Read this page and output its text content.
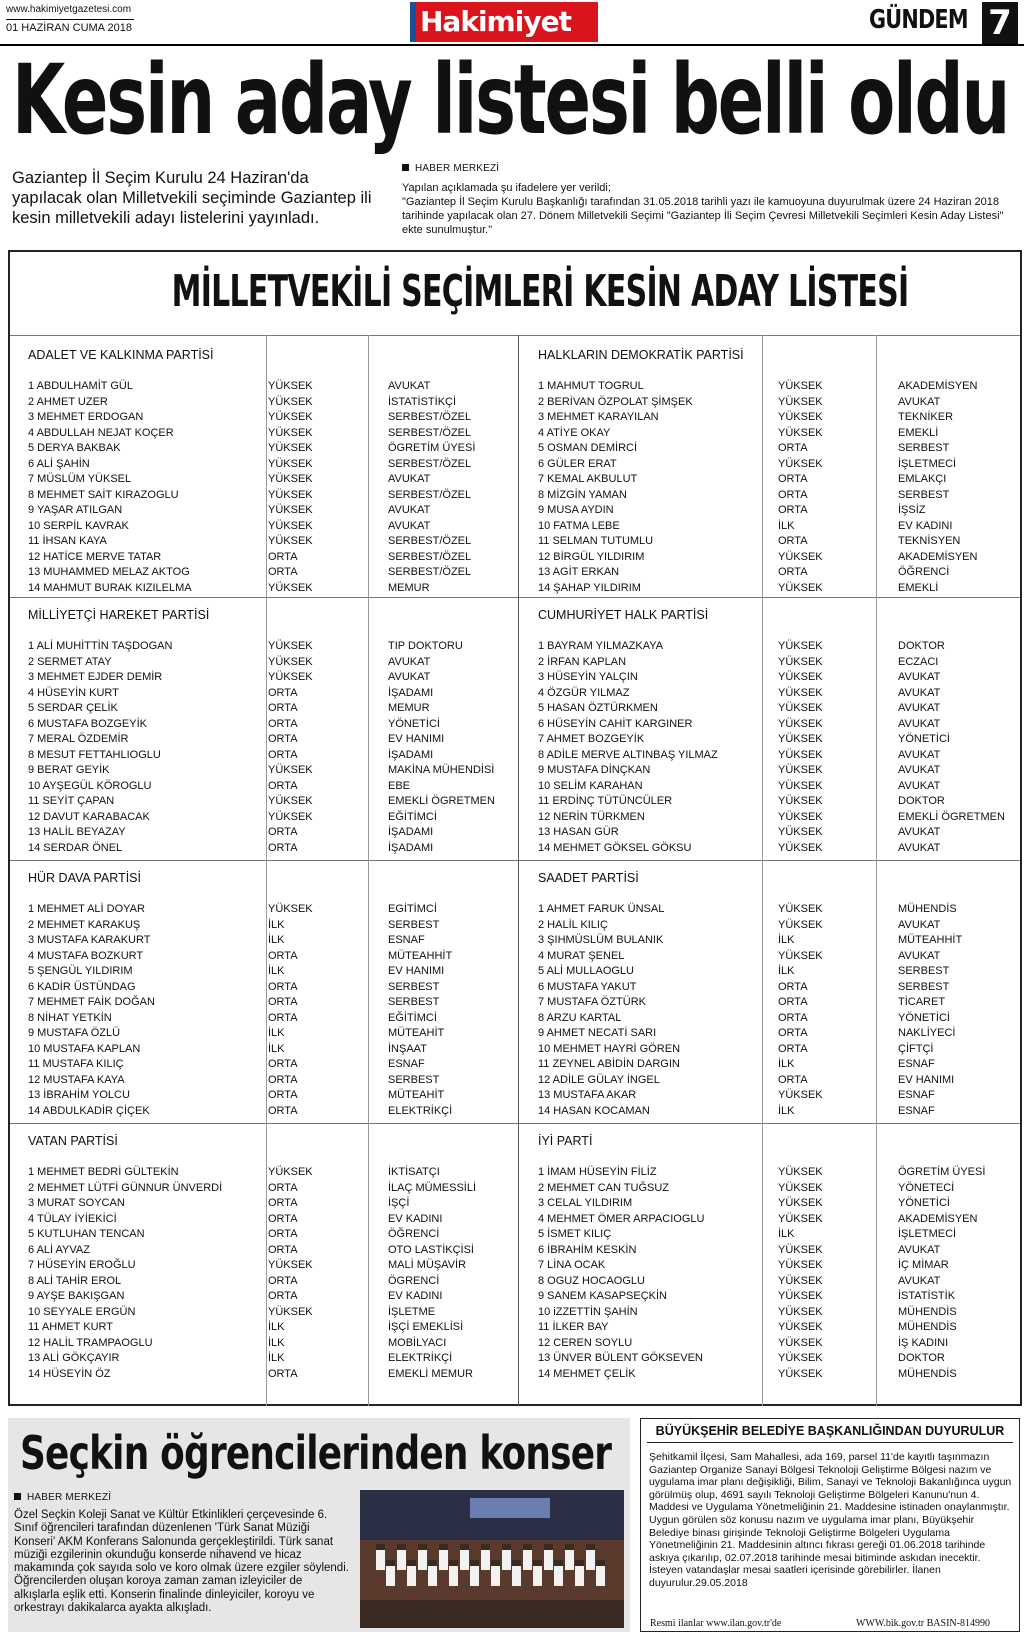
www.hakimiyetgazetesi.com
01 HAZİRAN CUMA 2018	Hakimiyet	GÜNDEM 7
Kesin aday listesi belli oldu
Gaziantep İl Seçim Kurulu 24 Haziran'da yapılacak olan Milletvekili seçiminde Gaziantep ili kesin milletvekili adayı listelerini yayınladı.
HABER MERKEZİ
Yapılan açıklamada şu ifadelere yer verildi;
"Gaziantep İl Seçim Kurulu Başkanlığı tarafından 31.05.2018 tarihli yazı ile kamuoyuna duyurulmak üzere 24 Haziran 2018 tarihinde yapılacak olan 27. Dönem Milletvekili Seçimi "Gaziantep İli Seçim Çevresi Milletvekili Seçimleri Kesin Aday Listesi" ekte sunulmuştur."
MİLLETVEKİLİ SEÇİMLERİ KESİN ADAY LİSTESİ
ADALET VE KALKINMA PARTİSİ
1 ABDULHAMİT GÜL	YÜKSEK	AVUKAT
2 AHMET UZER	YÜKSEK	İSTATİSTİKÇİ
3 MEHMET ERDOGAN	YÜKSEK	SERBEST/ÖZEL
4 ABDULLAH NEJAT KOÇER	YÜKSEK	SERBEST/ÖZEL
5 DERYA BAKBAK	YÜKSEK	ÖGRETİM ÜYESİ
6 ALİ ŞAHİN	YÜKSEK	SERBEST/ÖZEL
7 MÜSLÜM YÜKSEL	YÜKSEK	AVUKAT
8 MEHMET SAİT KIRAZOGLU	YÜKSEK	SERBEST/ÖZEL
9 YAŞAR ATILGAN	YÜKSEK	AVUKAT
10 SERPİL KAVRAK	YÜKSEK	AVUKAT
11 İHSAN KAYA	YÜKSEK	SERBEST/ÖZEL
12 HATİCE MERVE TATAR	ORTA	SERBEST/ÖZEL
13 MUHAMMED MELAZ AKTOG	ORTA	SERBEST/ÖZEL
14 MAHMUT BURAK KIZILELMA	YÜKSEK	MEMUR
HALKLARIN DEMOKRATİK PARTİSİ
1 MAHMUT TOGRUL	YÜKSEK	AKADEMİSYEN
2 BERİVAN ÖZPOLAT ŞİMŞEK	YÜKSEK	AVUKAT
3 MEHMET KARAYILAN	YÜKSEK	TEKNİKER
4 ATİYE OKAY	YÜKSEK	EMEKLİ
5 OSMAN DEMİRCİ	ORTA	SERBEST
6 GÜLER ERAT	YÜKSEK	İŞLETMECİ
7 KEMAL AKBULUT	ORTA	EMLAKÇI
8 MİZGİN YAMAN	ORTA	SERBEST
9 MUSA AYDIN	ORTA	İŞSİZ
10 FATMA LEBE	İLK	EV KADINI
11 SELMAN TUTUMLU	ORTA	TEKNİSYEN
12 BİRGÜL YILDIRIM	YÜKSEK	AKADEMİSYEN
13 AGİT ERKAN	ORTA	ÖĞRENCİ
14 ŞAHAP YILDIRIM	YÜKSEK	EMEKLİ
MİLLİYETÇİ HAREKET PARTİSİ
1 ALİ MUHİTTİN TAŞDOGAN	YÜKSEK	TIP DOKTORU
2 SERMET ATAY	YÜKSEK	AVUKAT
3 MEHMET EJDER DEMİR	YÜKSEK	AVUKAT
4 HÜSEYİN KURT	ORTA	İŞADAMI
5 SERDAR ÇELİK	ORTA	MEMUR
6 MUSTAFA BOZGEYİK	ORTA	YÖNETİCİ
7 MERAL ÖZDEMİR	ORTA	EV HANIMI
8 MESUT FETTAHLIOGLU	ORTA	İŞADAMI
9 BERAT GEYİK	YÜKSEK	MAKİNA MÜHENDİSİ
10 AYŞEGÜL KÖROGLU	ORTA	EBE
11 SEYİT ÇAPAN	YÜKSEK	EMEKLİ ÖGRETMEN
12 DAVUT KARABACAK	YÜKSEK	EĞİTİMCİ
13 HALİL BEYAZAY	ORTA	İŞADAMI
14 SERDAR ÖNEL	ORTA	İŞADAMI
CUMHURİYET HALK PARTİSİ
1 BAYRAM YILMAZKAYA	YÜKSEK	DOKTOR
2 İRFAN KAPLAN	YÜKSEK	ECZACI
3 HÜSEYİN YALÇIN	YÜKSEK	AVUKAT
4 ÖZGÜR YILMAZ	YÜKSEK	AVUKAT
5 HASAN ÖZTÜRKMEN	YÜKSEK	AVUKAT
6 HÜSEYİN CAHİT KARGINER	YÜKSEK	AVUKAT
7 AHMET BOZGEYİK	YÜKSEK	YÖNETİCİ
8 ADİLE MERVE ALTINBAŞ YILMAZ	YÜKSEK	AVUKAT
9 MUSTAFA DİNÇKAN	YÜKSEK	AVUKAT
10 SELİM KARAHAN	YÜKSEK	AVUKAT
11 ERDİNÇ TÜTÜNCÜLER	YÜKSEK	DOKTOR
12 NERİN TÜRKMEN	YÜKSEK	EMEKLİ ÖGRETMEN
13 HASAN GÜR	YÜKSEK	AVUKAT
14 MEHMET GÖKSEL GÖKSU	YÜKSEK	AVUKAT
HÜR DAVA PARTİSİ
1 MEHMET ALİ DOYAR	YÜKSEK	EGİTİMCİ
2 MEHMET KARAKUŞ	İLK	SERBEST
3 MUSTAFA KARAKURT	İLK	ESNAF
4 MUSTAFA BOZKURT	ORTA	MÜTEAHHİT
5 ŞENGÜL YILDIRIM	İLK	EV HANIMI
6 KADİR ÜSTÜNDAG	ORTA	SERBEST
7 MEHMET FAİK DOĞAN	ORTA	SERBEST
8 NİHAT YETKİN	ORTA	EĞİTİMCİ
9 MUSTAFA ÖZLÜ	İLK	MÜTEAHİT
10 MUSTAFA KAPLAN	İLK	İNŞAAT
11 MUSTAFA KILIÇ	ORTA	ESNAF
12 MUSTAFA KAYA	ORTA	SERBEST
13 İBRAHİM YOLCU	ORTA	MÜTEAHİT
14 ABDULKADİR ÇİÇEK	ORTA	ELEKTRİKÇİ
SAADET PARTİSİ
1 AHMET FARUK ÜNSAL	YÜKSEK	MÜHENDİS
2 HALİL KILIÇ	YÜKSEK	AVUKAT
3 ŞIHMÜSLÜM BULANIK	İLK	MÜTEAHHİT
4 MURAT ŞENEL	YÜKSEK	AVUKAT
5 ALİ MULLAOGLU	İLK	SERBEST
6 MUSTAFA YAKUT	ORTA	SERBEST
7 MUSTAFA ÖZTÜRK	ORTA	TİCARET
8 ARZU KARTAL	ORTA	YÖNETİCİ
9 AHMET NECATİ SARI	ORTA	NAKLİYECİ
10 MEHMET HAYRİ GÖREN	ORTA	ÇİFTÇİ
11 ZEYNEL ABİDİN DARGIN	İLK	ESNAF
12 ADİLE GÜLAY İNGEL	ORTA	EV HANIMI
13 MUSTAFA AKAR	YÜKSEK	ESNAF
14 HASAN KOCAMAN	İLK	ESNAF
VATAN PARTİSİ
1 MEHMET BEDRİ GÜLTEKİN	YÜKSEK	İKTİSATÇI
2 MEHMET LÜTFİ GÜNNUR ÜNVERDİ	ORTA	İLAÇ MÜMESSİLİ
3 MURAT SOYCAN	ORTA	İŞÇİ
4 TÜLAY İYİEKİCİ	ORTA	EV KADINI
5 KUTLUHAN TENCAN	ORTA	ÖĞRENCİ
6 ALİ AYVAZ	ORTA	OTO LASTİKÇİSİ
7 HÜSEYİN EROĞLU	YÜKSEK	MALİ MÜŞAVİR
8 ALİ TAHİR EROL	ORTA	ÖGRENCİ
9 AYŞE BAKIŞGAN	ORTA	EV KADINI
10 SEYYALE ERGÜN	YÜKSEK	İŞLETME
11 AHMET KURT	İLK	İŞÇİ EMEKLİSİ
12 HALİL TRAMPAOGLU	İLK	MOBİLYACI
13 ALİ GÖKÇAYIR	İLK	ELEKTRİKÇİ
14 HÜSEYİN ÖZ	ORTA	EMEKLİ MEMUR
İYİ PARTİ
1 İMAM HÜSEYİN FİLİZ	YÜKSEK	ÖGRETİM ÜYESİ
2 MEHMET CAN TUĞSUZ	YÜKSEK	YÖNETECİ
3 CELAL YILDIRIM	YÜKSEK	YÖNETİCİ
4 MEHMET ÖMER ARPACIOGLU	YÜKSEK	AKADEMİSYEN
5 İSMET KILIÇ	İLK	İŞLETMECİ
6 İBRAHİM KESKİN	YÜKSEK	AVUKAT
7 LİNA OCAK	YÜKSEK	İÇ MİMAR
8 OGUZ HOCAOGLU	YÜKSEK	AVUKAT
9 SANEM KASAPSEÇKİN	YÜKSEK	İSTATİSTİK
10 iZZETTİN ŞAHİN	YÜKSEK	MÜHENDİS
11 İLKER BAY	YÜKSEK	MÜHENDİS
12 CEREN SOYLU	YÜKSEK	İŞ KADINI
13 ÜNVER BÜLENT GÖKSEVEN	YÜKSEK	DOKTOR
14 MEHMET ÇELİK	YÜKSEK	MÜHENDİS
Seçkin öğrencilerinden konser
HABER MERKEZİ
Özel Seçkin Koleji Sanat ve Kültür Etkinlikleri çerçevesinde 6. Sınıf öğrencileri tarafından düzenlenen 'Türk Sanat Müziği Konseri' AKM Konferans Salonunda gerçekleştirildi. Türk sanat müziği ezgilerinin okunduğu konserde nihavend ve hicaz makamında çok sayıda solo ve koro olmak üzere ezgiler söylendi. Öğrencilerden oluşan koroya zaman zaman izleyiciler de alkışlarla eşlik etti. Konserin finalinde dinleyiciler, koroyu ve orkestrayı dakikalarca ayakta alkışladı.
BÜYÜKŞEHİR BELEDİYE BAŞKANLIĞINDAN DUYURULUR
Şehitkamil İlçesi, Sam Mahallesi, ada 169, parsel 11'de kayıtlı taşınmazın Gaziantep Organize Sanayi Bölgesi Teknoloji Geliştirme Bölgesi nazım ve uygulama imar planı değişikliği, Bilim, Sanayi ve Teknoloji Bakanlığınca uygun görülmüş olup, 4691 sayılı Teknoloji Geliştirme Bölgeleri Kanunu'nun 4. Maddesi ve Uygulama Yönetmeliğinin 21. Maddesine istinaden onaylanmıştır.
Uygun görülen söz konusu nazım ve uygulama imar planı, Büyükşehir Belediye binası girişinde Teknoloji Geliştirme Bölgeleri Uygulama Yönetmeliğinin 21. Maddesinin altıncı fıkrası gereği 01.06.2018 tarihinde askıya çıkarılıp, 02.07.2018 tarihinde mesai bitiminde askıdan inecektir. İsteyen vatandaşlar mesai saatleri içerisinde görebilirler. İlanen duyurulur.29.05.2018
Resmi ilanlar www.ilan.gov.tr'de	WWW.bik.gov.tr BASIN-814990
